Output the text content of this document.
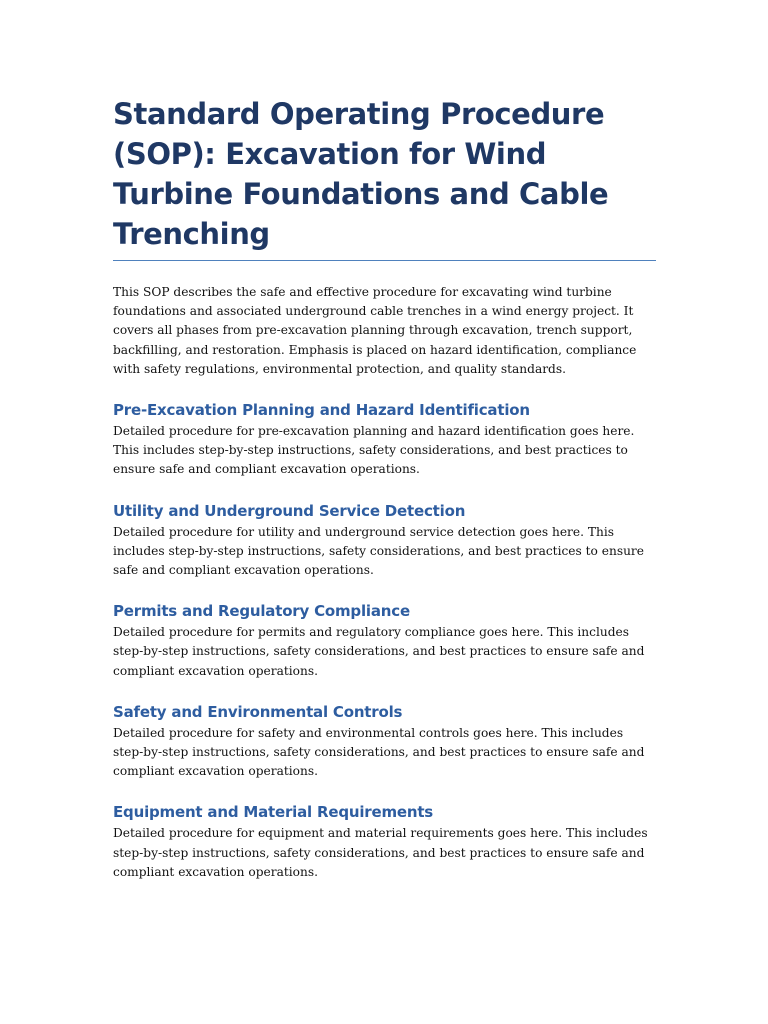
Standard Operating Procedure (SOP): Excavation for Wind Turbine Foundations and Cable Trenching

This SOP describes the safe and effective procedure for excavating wind turbine foundations and associated underground cable trenches in a wind energy project. It covers all phases from pre-excavation planning through excavation, trench support, backfilling, and restoration. Emphasis is placed on hazard identification, compliance with safety regulations, environmental protection, and quality standards.

Pre-Excavation Planning and Hazard Identification

Detailed procedure for pre-excavation planning and hazard identification goes here. This includes step-by-step instructions, safety considerations, and best practices to ensure safe and compliant excavation operations.

Utility and Underground Service Detection

Detailed procedure for utility and underground service detection goes here. This includes step-by-step instructions, safety considerations, and best practices to ensure safe and compliant excavation operations.

Permits and Regulatory Compliance

Detailed procedure for permits and regulatory compliance goes here. This includes step-by-step instructions, safety considerations, and best practices to ensure safe and compliant excavation operations.

Safety and Environmental Controls

Detailed procedure for safety and environmental controls goes here. This includes step-by-step instructions, safety considerations, and best practices to ensure safe and compliant excavation operations.

Equipment and Material Requirements

Detailed procedure for equipment and material requirements goes here. This includes step-by-step instructions, safety considerations, and best practices to ensure safe and compliant excavation operations.
